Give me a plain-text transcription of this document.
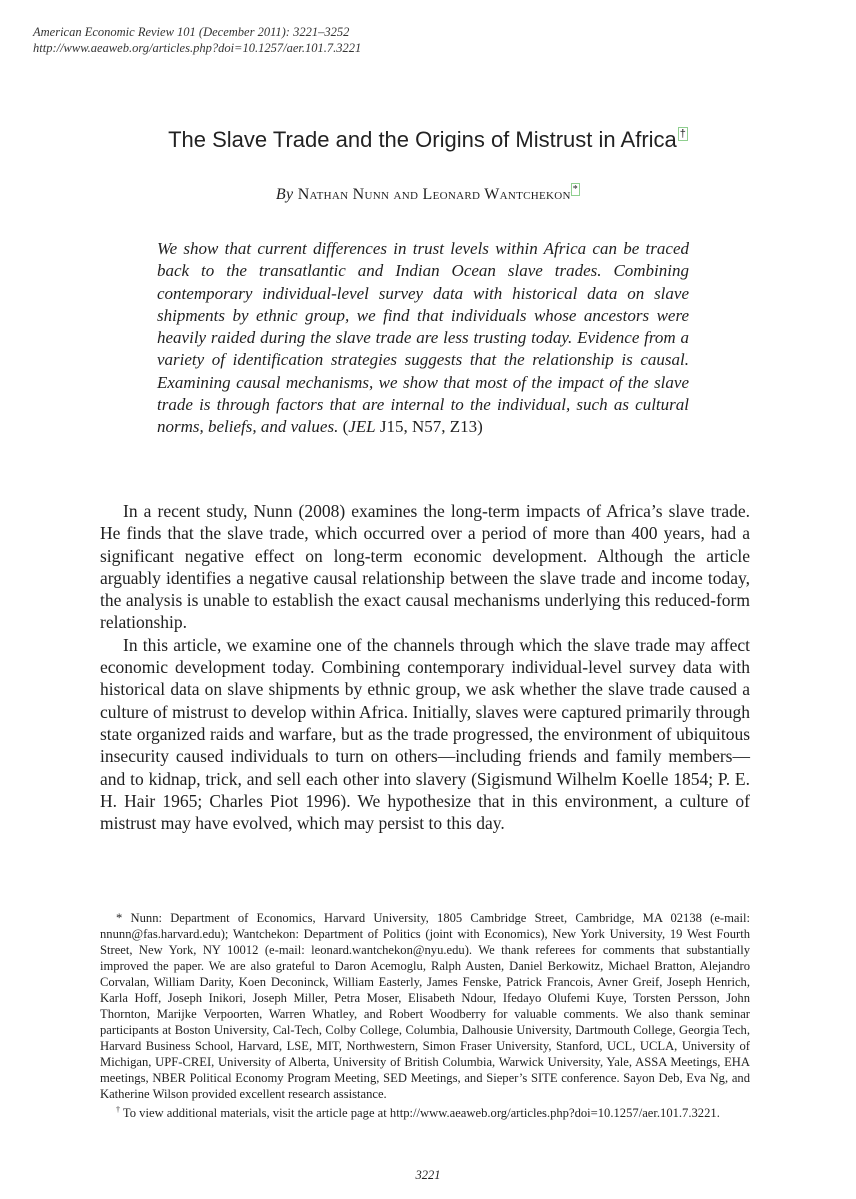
American Economic Review 101 (December 2011): 3221–3252
http://www.aeaweb.org/articles.php?doi=10.1257/aer.101.7.3221
The Slave Trade and the Origins of Mistrust in Africa †
By Nathan Nunn and Leonard Wantchekon *
We show that current differences in trust levels within Africa can be traced back to the transatlantic and Indian Ocean slave trades. Combining contemporary individual-level survey data with historical data on slave shipments by ethnic group, we find that individuals whose ancestors were heavily raided during the slave trade are less trusting today. Evidence from a variety of identification strategies suggests that the relationship is causal. Examining causal mechanisms, we show that most of the impact of the slave trade is through factors that are internal to the individual, such as cultural norms, beliefs, and values. (JEL J15, N57, Z13)

In a recent study, Nunn (2008) examines the long-term impacts of Africa’s slave trade. He finds that the slave trade, which occurred over a period of more than 400 years, had a significant negative effect on long-term economic development. Although the article arguably identifies a negative causal relationship between the slave trade and income today, the analysis is unable to establish the exact causal mechanisms underlying this reduced-form relationship.

In this article, we examine one of the channels through which the slave trade may affect economic development today. Combining contemporary individual-level survey data with historical data on slave shipments by ethnic group, we ask whether the slave trade caused a culture of mistrust to develop within Africa. Initially, slaves were captured primarily through state organized raids and warfare, but as the trade progressed, the environment of ubiquitous insecurity caused individuals to turn on others—including friends and family members—and to kidnap, trick, and sell each other into slavery (Sigismund Wilhelm Koelle 1854; P. E. H. Hair 1965; Charles Piot 1996). We hypothesize that in this environment, a culture of mistrust may have evolved, which may persist to this day.

* Nunn: Department of Economics, Harvard University, 1805 Cambridge Street, Cambridge, MA 02138 (e-mail: nnunn@fas.harvard.edu); Wantchekon: Department of Politics (joint with Economics), New York University, 19 West Fourth Street, New York, NY 10012 (e-mail: leonard.wantchekon@nyu.edu). We thank referees for comments that substantially improved the paper. We are also grateful to Daron Acemoglu, Ralph Austen, Daniel Berkowitz, Michael Bratton, Alejandro Corvalan, William Darity, Koen Deconinck, William Easterly, James Fenske, Patrick Francois, Avner Greif, Joseph Henrich, Karla Hoff, Joseph Inikori, Joseph Miller, Petra Moser, Elisabeth Ndour, Ifedayo Olufemi Kuye, Torsten Persson, John Thornton, Marijke Verpoorten, Warren Whatley, and Robert Woodberry for valuable comments. We also thank seminar participants at Boston University, Cal-Tech, Colby College, Columbia, Dalhousie University, Dartmouth College, Georgia Tech, Harvard Business School, Harvard, LSE, MIT, Northwestern, Simon Fraser University, Stanford, UCL, UCLA, University of Michigan, UPF-CREI, University of Alberta, University of British Columbia, Warwick University, Yale, ASSA Meetings, EHA meetings, NBER Political Economy Program Meeting, SED Meetings, and Sieper’s SITE conference. Sayon Deb, Eva Ng, and Katherine Wilson provided excellent research assistance.

† To view additional materials, visit the article page at http://www.aeaweb.org/articles.php?doi=10.1257/aer.101.7.3221.

3221
